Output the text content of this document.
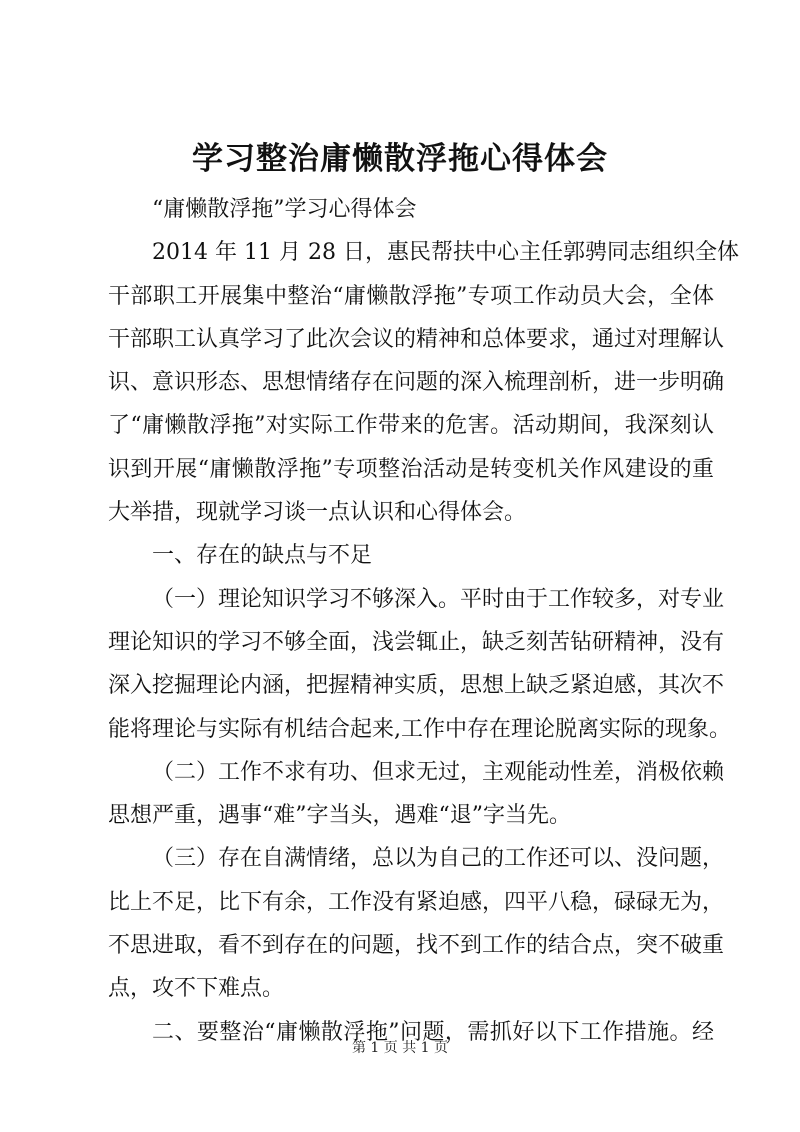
学习整治庸懒散浮拖心得体会
“庸懒散浮拖”学习心得体会
2014 年 11 月 28 日，惠民帮扶中心主任郭骋同志组织全体
干部职工开展集中整治“庸懒散浮拖”专项工作动员大会，全体
干部职工认真学习了此次会议的精神和总体要求，通过对理解认
识、意识形态、思想情绪存在问题的深入梳理剖析，进一步明确
了“庸懒散浮拖”对实际工作带来的危害。活动期间，我深刻认
识到开展“庸懒散浮拖”专项整治活动是转变机关作风建设的重
大举措，现就学习谈一点认识和心得体会。
一、存在的缺点与不足
（一）理论知识学习不够深入。平时由于工作较多，对专业
理论知识的学习不够全面，浅尝辄止，缺乏刻苦钻研精神，没有
深入挖掘理论内涵，把握精神实质，思想上缺乏紧迫感，其次不
能将理论与实际有机结合起来,工作中存在理论脱离实际的现象。
（二）工作不求有功、但求无过，主观能动性差，消极依赖
思想严重，遇事“难”字当头，遇难“退”字当先。
（三）存在自满情绪，总以为自己的工作还可以、没问题，
比上不足，比下有余，工作没有紧迫感，四平八稳，碌碌无为，
不思进取，看不到存在的问题，找不到工作的结合点，突不破重
点，攻不下难点。
二、要整治“庸懒散浮拖”问题，需抓好以下工作措施。经
第 1 页 共 1 页
